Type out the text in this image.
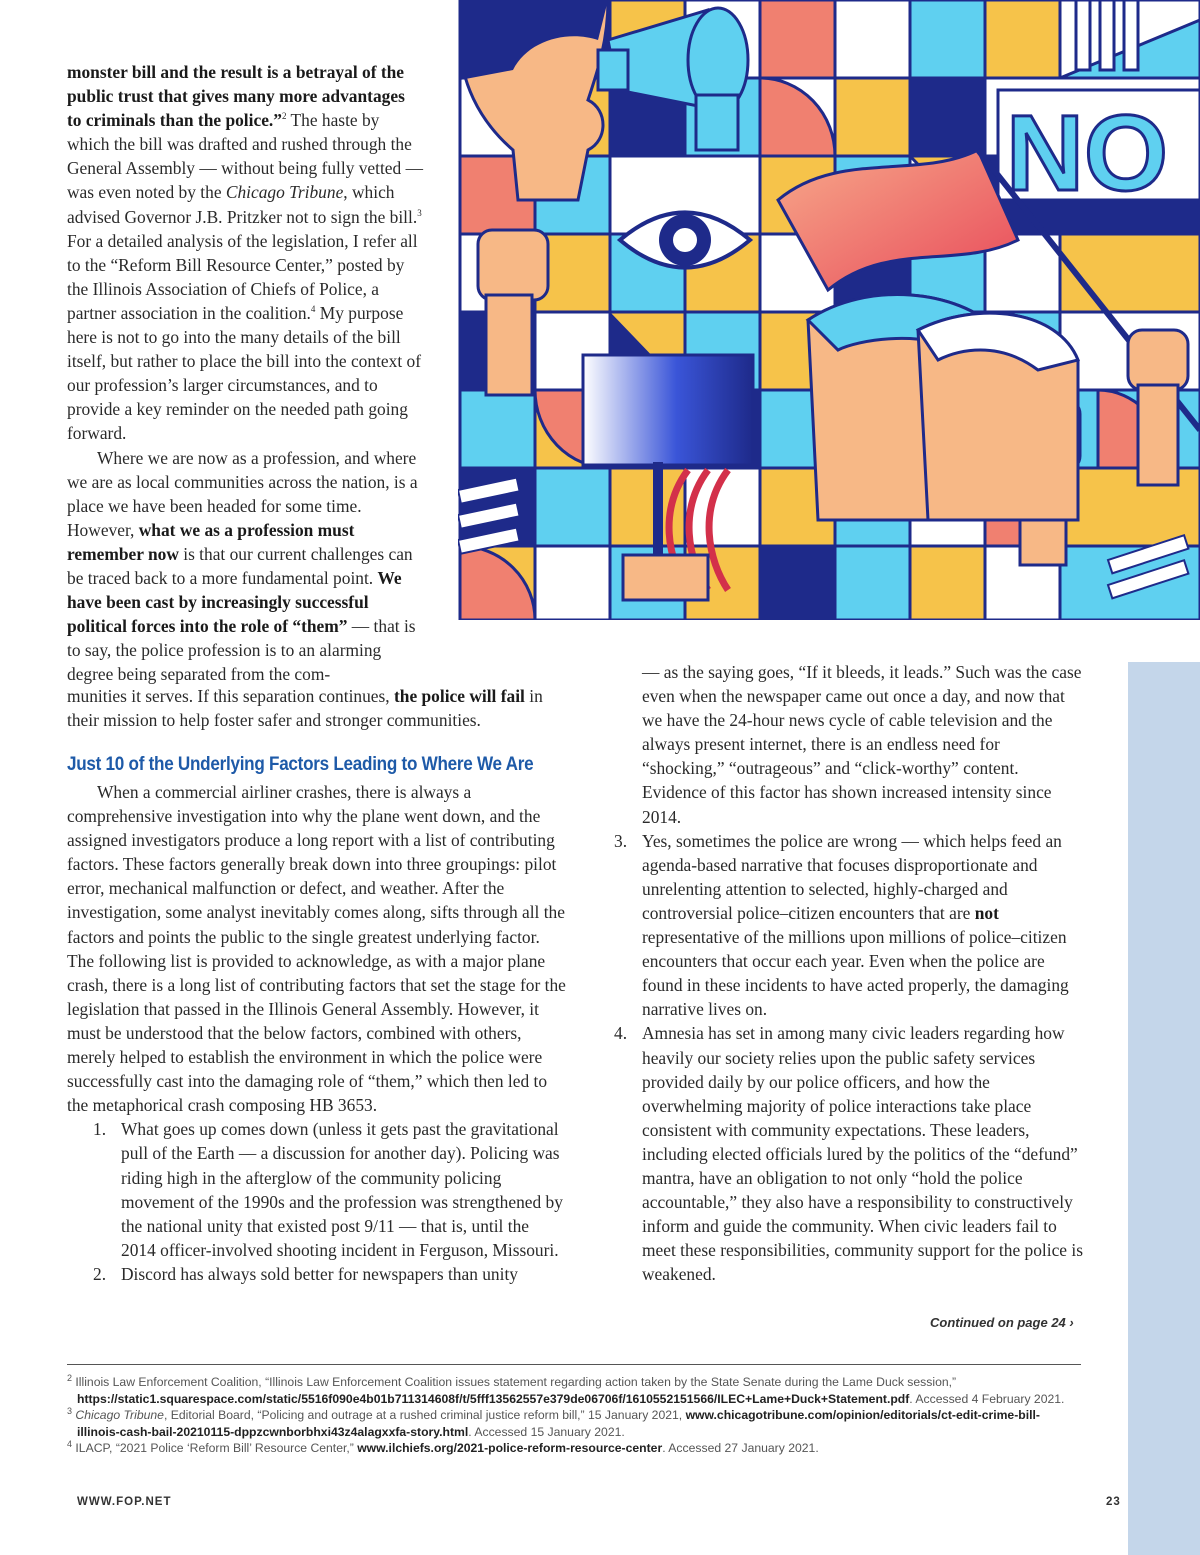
NO

monster bill and the result is a betrayal of the public trust that gives many more advantages to criminals than the police.”$^2$ The haste by which the bill was drafted and rushed through the General Assembly — without being fully vetted — was even noted by the Chicago Tribune, which advised Governor J.B. Pritzker not to sign the bill.$^3$ For a detailed analysis of the legislation, I refer all to the “Reform Bill Resource Center,” posted by the Illinois Association of Chiefs of Police, a partner association in the coalition.$^4$ My purpose here is not to go into the many details of the bill itself, but rather to place the bill into the context of our profession’s larger circumstances, and to provide a key reminder on the needed path going forward.

Where we are now as a profession, and where we are as local communities across the nation, is a place we have been headed for some time. However, what we as a profession must remember now is that our current challenges can be traced back to a more fundamental point. We have been cast by increasingly successful political forces into the role of “them” — that is to say, the police profession is to an alarming degree being separated from the com-

munities it serves. If this separation continues, the police will fail in their mission to help foster safer and stronger communities.

Just 10 of the Underlying Factors Leading to Where We Are

When a commercial airliner crashes, there is always a comprehensive investigation into why the plane went down, and the assigned investigators produce a long report with a list of contributing factors. These factors generally break down into three groupings: pilot error, mechanical malfunction or defect, and weather. After the investigation, some analyst inevitably comes along, sifts through all the factors and points the public to the single greatest underlying factor. The following list is provided to acknowledge, as with a major plane crash, there is a long list of contributing factors that set the stage for the legislation that passed in the Illinois General Assembly. However, it must be understood that the below factors, combined with others, merely helped to establish the environment in which the police were successfully cast into the damaging role of “them,” which then led to the metaphorical crash composing HB 3653.

1. What goes up comes down (unless it gets past the gravitational pull of the Earth — a discussion for another day). Policing was riding high in the afterglow of the community policing movement of the 1990s and the profession was strengthened by the national unity that existed post 9/11 — that is, until the 2014 officer-involved shooting incident in Ferguson, Missouri.
2. Discord has always sold better for newspapers than unity

— as the saying goes, “If it bleeds, it leads.” Such was the case even when the newspaper came out once a day, and now that we have the 24-hour news cycle of cable television and the always present internet, there is an endless need for “shocking,” “outrageous” and “click-worthy” content. Evidence of this factor has shown increased intensity since 2014.

3. Yes, sometimes the police are wrong — which helps feed an agenda-based narrative that focuses disproportionate and unrelenting attention to selected, highly-charged and controversial police–citizen encounters that are not representative of the millions upon millions of police–citizen encounters that occur each year. Even when the police are found in these incidents to have acted properly, the damaging narrative lives on.
4. Amnesia has set in among many civic leaders regarding how heavily our society relies upon the public safety services provided daily by our police officers, and how the overwhelming majority of police interactions take place consistent with community expectations. These leaders, including elected officials lured by the politics of the “defund” mantra, have an obligation to not only “hold the police accountable,” they also have a responsibility to constructively inform and guide the community. When civic leaders fail to meet these responsibilities, community support for the police is weakened.
Continued on page 24 ›
$^2$ Illinois Law Enforcement Coalition, “Illinois Law Enforcement Coalition issues statement regarding action taken by the State Senate during the Lame Duck session,” https://static1.squarespace.com/static/5516f090e4b01b711314608f/t/5fff13562557e379de06706f/1610552151566/ILEC+Lame+Duck+Statement.pdf. Accessed 4 February 2021.
$^3$ Chicago Tribune, Editorial Board, “Policing and outrage at a rushed criminal justice reform bill,” 15 January 2021, www.chicagotribune.com/opinion/editorials/ct-edit-crime-bill-illinois-cash-bail-20210115-dppzcwnborbhxi43z4alagxxfa-story.html. Accessed 15 January 2021.
$^4$ ILACP, “2021 Police ‘Reform Bill’ Resource Center,” www.ilchiefs.org/2021-police-reform-resource-center. Accessed 27 January 2021.
WWW.FOP.NET	23
